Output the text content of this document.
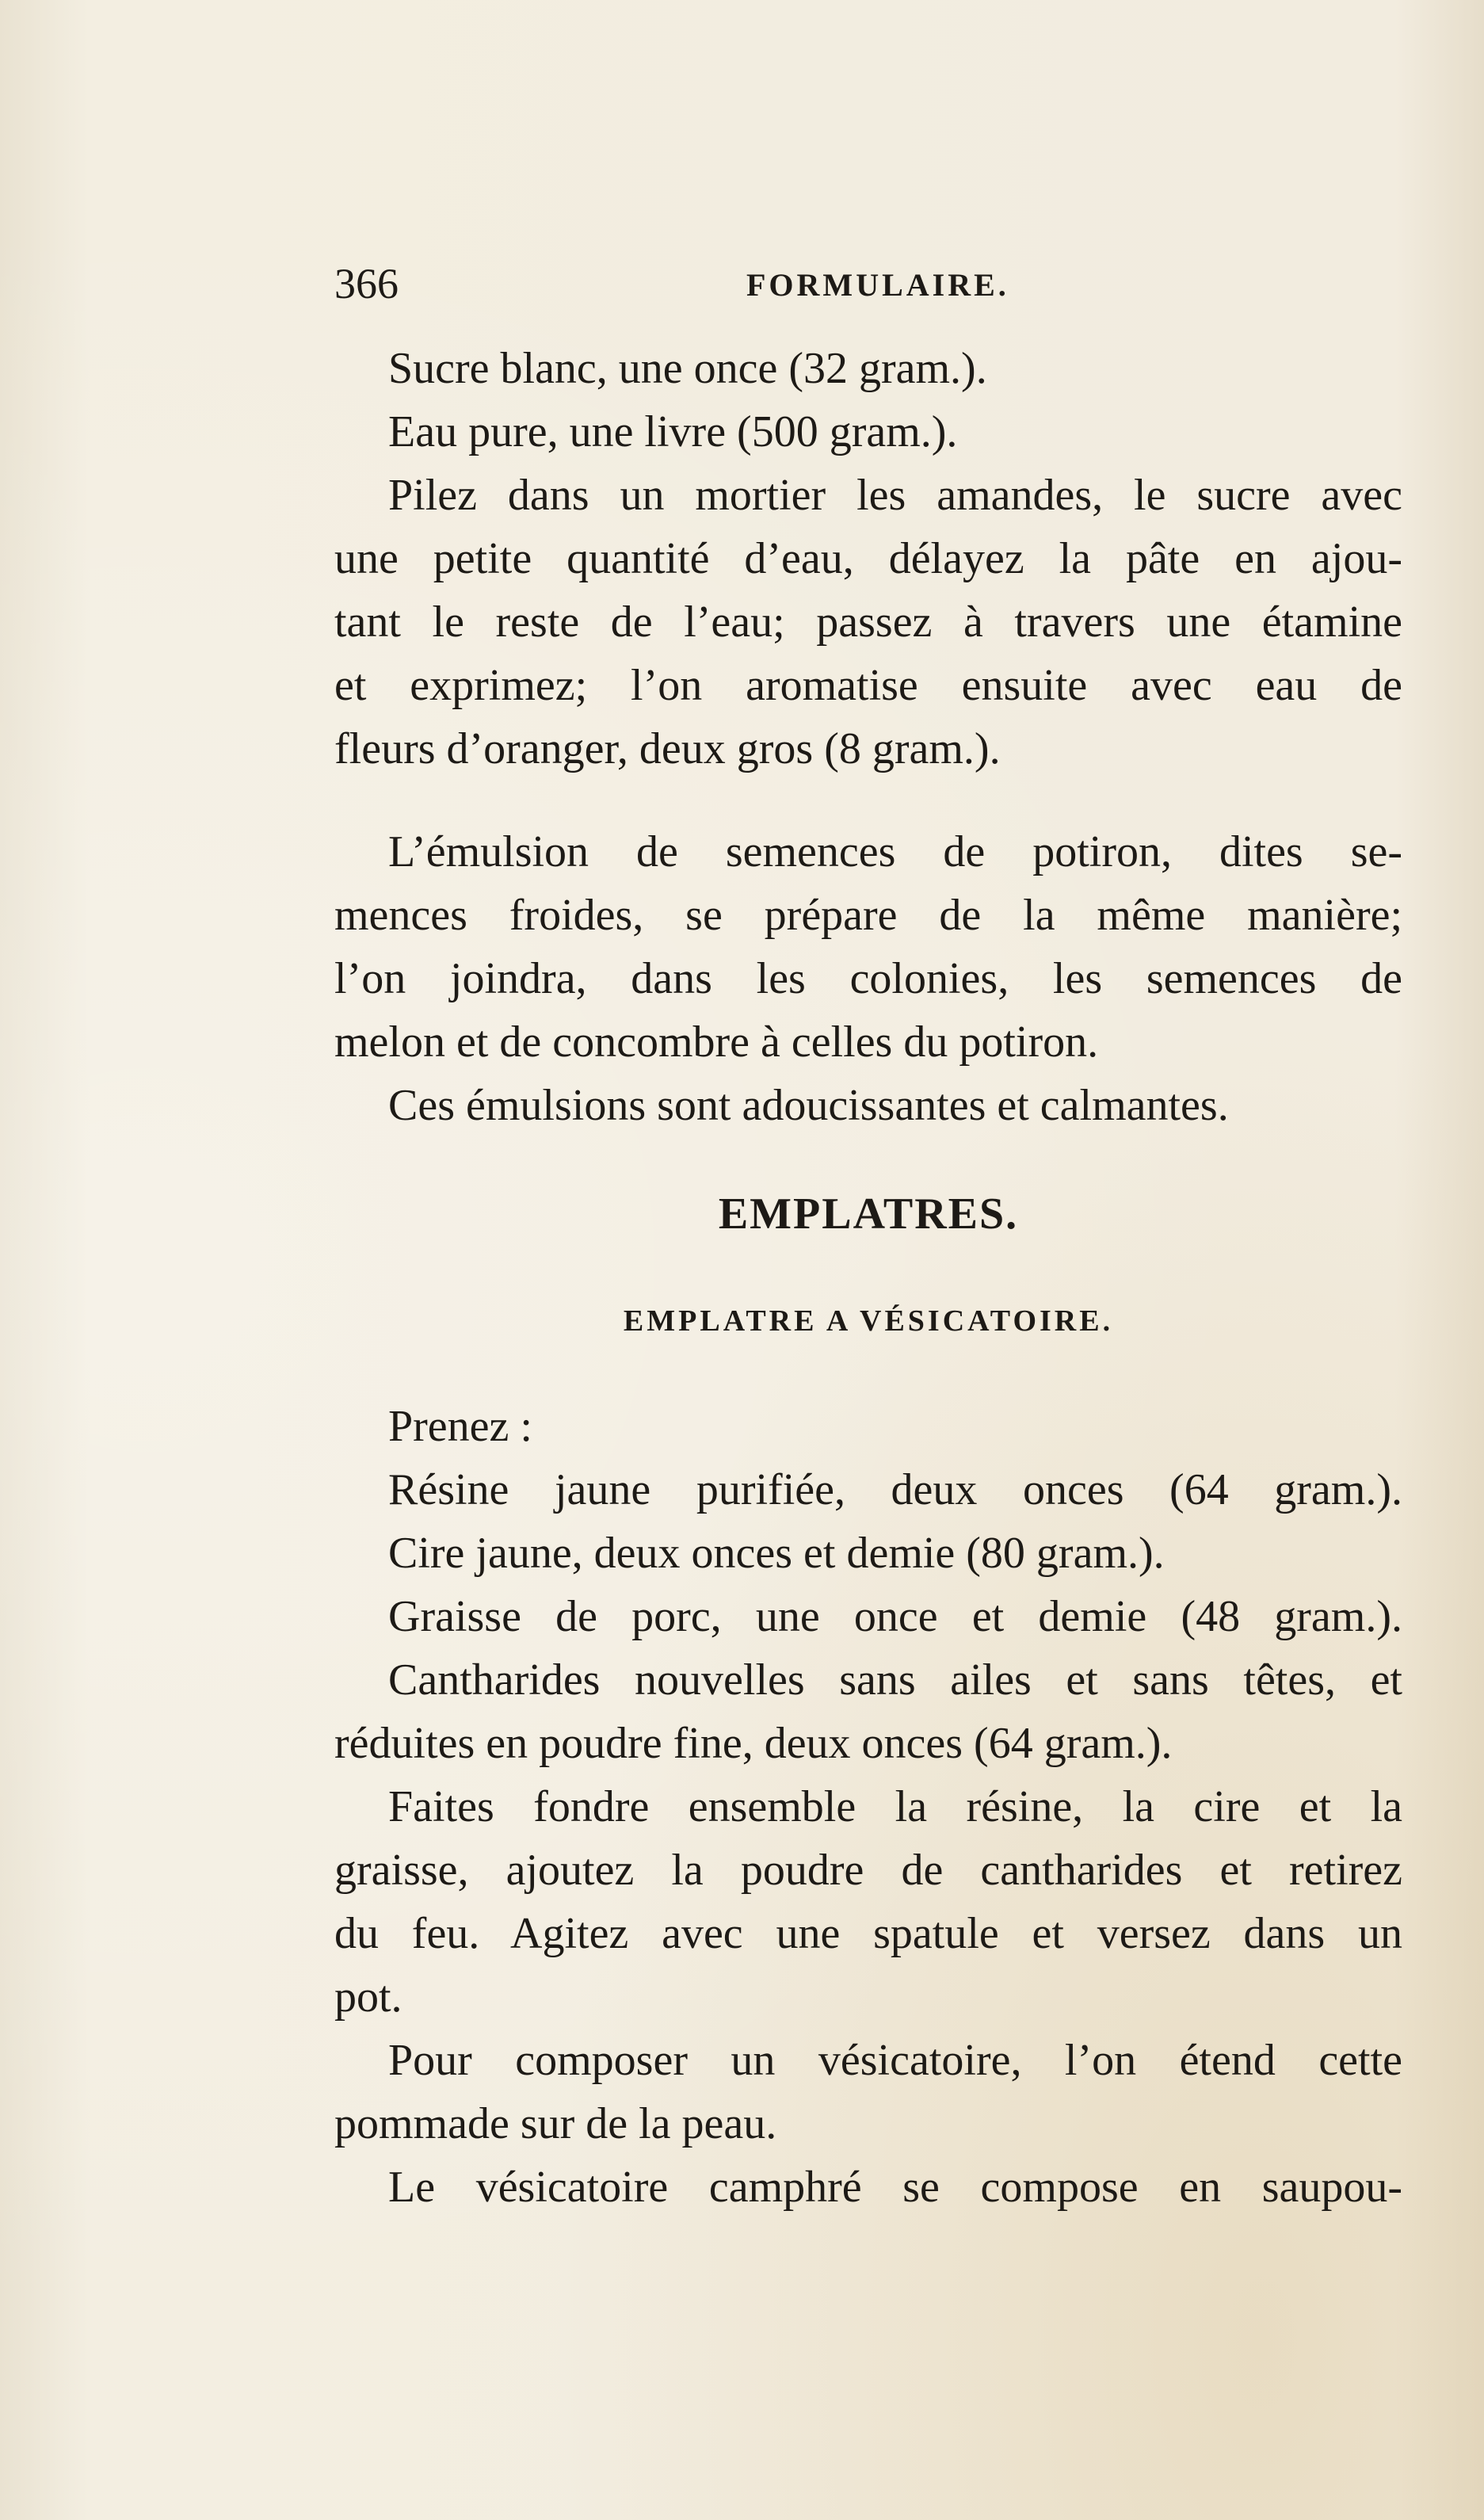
366	FORMULAIRE.
Sucre blanc, une once (32 gram.).
Eau pure, une livre (500 gram.).
Pilez dans un mortier les amandes, le sucre avec
une petite quantité d’eau, délayez la pâte en ajou-
tant le reste de l’eau; passez à travers une étamine
et exprimez; l’on aromatise ensuite avec eau de
fleurs d’oranger, deux gros (8 gram.).
L’émulsion de semences de potiron, dites se-
mences froides, se prépare de la même manière;
l’on joindra, dans les colonies, les semences de
melon et de concombre à celles du potiron.
Ces émulsions sont adoucissantes et calmantes.
EMPLATRES.
EMPLATRE A VÉSICATOIRE.
Prenez :
Résine jaune purifiée, deux onces (64 gram.).
Cire jaune, deux onces et demie (80 gram.).
Graisse de porc, une once et demie (48 gram.).
Cantharides nouvelles sans ailes et sans têtes, et
réduites en poudre fine, deux onces (64 gram.).
Faites fondre ensemble la résine, la cire et la
graisse, ajoutez la poudre de cantharides et retirez
du feu. Agitez avec une spatule et versez dans un
pot.
Pour composer un vésicatoire, l’on étend cette
pommade sur de la peau.
Le vésicatoire camphré se compose en saupou-
